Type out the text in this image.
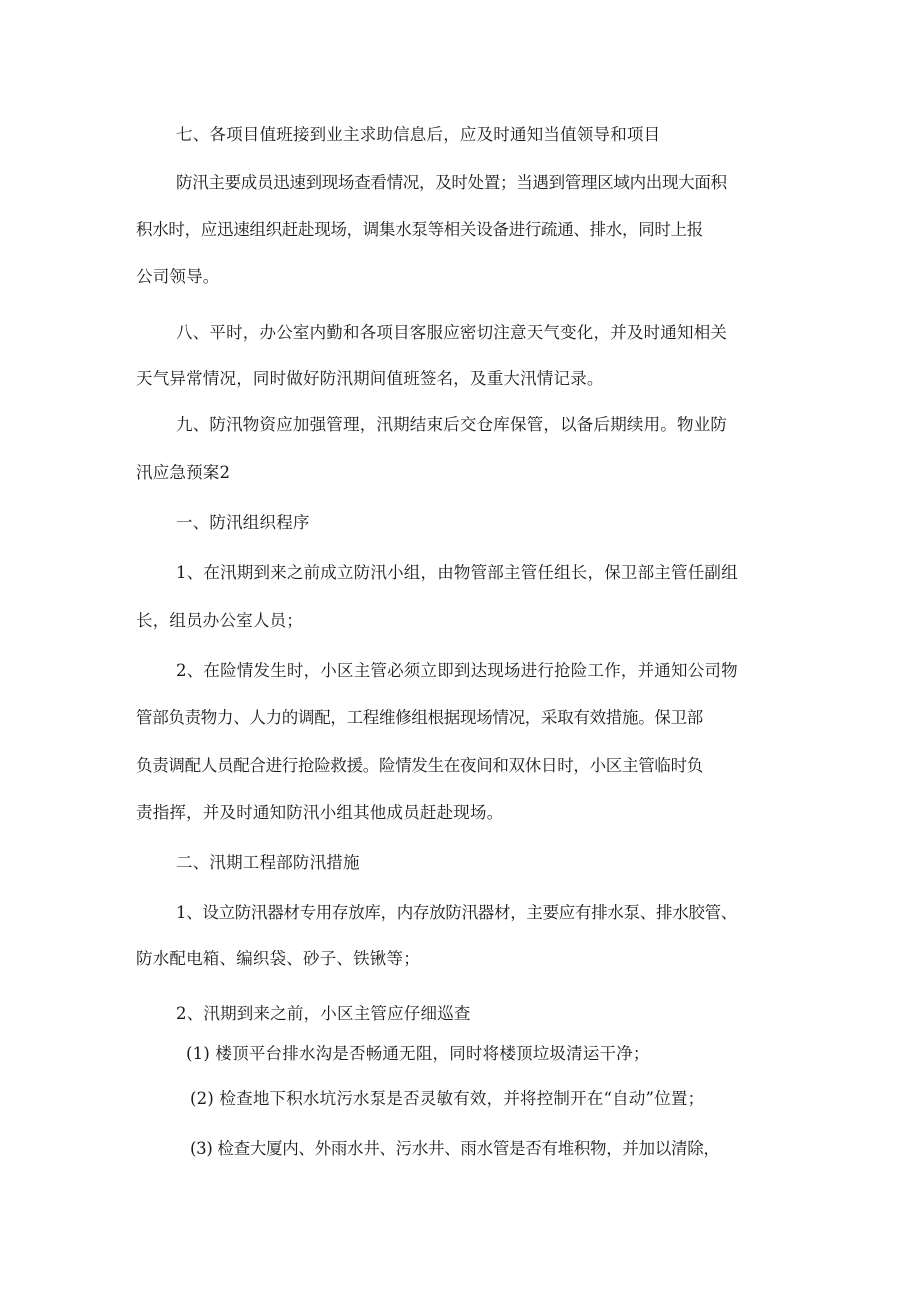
七、各项目值班接到业主求助信息后，应及时通知当值领导和项目
防汛主要成员迅速到现场查看情况，及时处置；当遇到管理区域内出现大面积
积水时，应迅速组织赶赴现场，调集水泵等相关设备进行疏通、排水，同时上报
公司领导。
八、平时，办公室内勤和各项目客服应密切注意天气变化，并及时通知相关
天气异常情况，同时做好防汛期间值班签名，及重大汛情记录。
九、防汛物资应加强管理，汛期结束后交仓库保管，以备后期续用。物业防
汛应急预案2
一、防汛组织程序
1、在汛期到来之前成立防汛小组，由物管部主管任组长，保卫部主管任副组
长，组员办公室人员；
2、在险情发生时，小区主管必须立即到达现场进行抢险工作，并通知公司物
管部负责物力、人力的调配，工程维修组根据现场情况，采取有效措施。保卫部
负责调配人员配合进行抢险救援。险情发生在夜间和双休日时，小区主管临时负
责指挥，并及时通知防汛小组其他成员赶赴现场。
二、汛期工程部防汛措施
1、设立防汛器材专用存放库，内存放防汛器材，主要应有排水泵、排水胶管、
防水配电箱、编织袋、砂子、铁锹等；
2、汛期到来之前，小区主管应仔细巡查
(1) 楼顶平台排水沟是否畅通无阻，同时将楼顶垃圾清运干净；
(2) 检查地下积水坑污水泵是否灵敏有效，并将控制开在“自动”位置；
(3) 检查大厦内、外雨水井、污水井、雨水管是否有堆积物，并加以清除，
